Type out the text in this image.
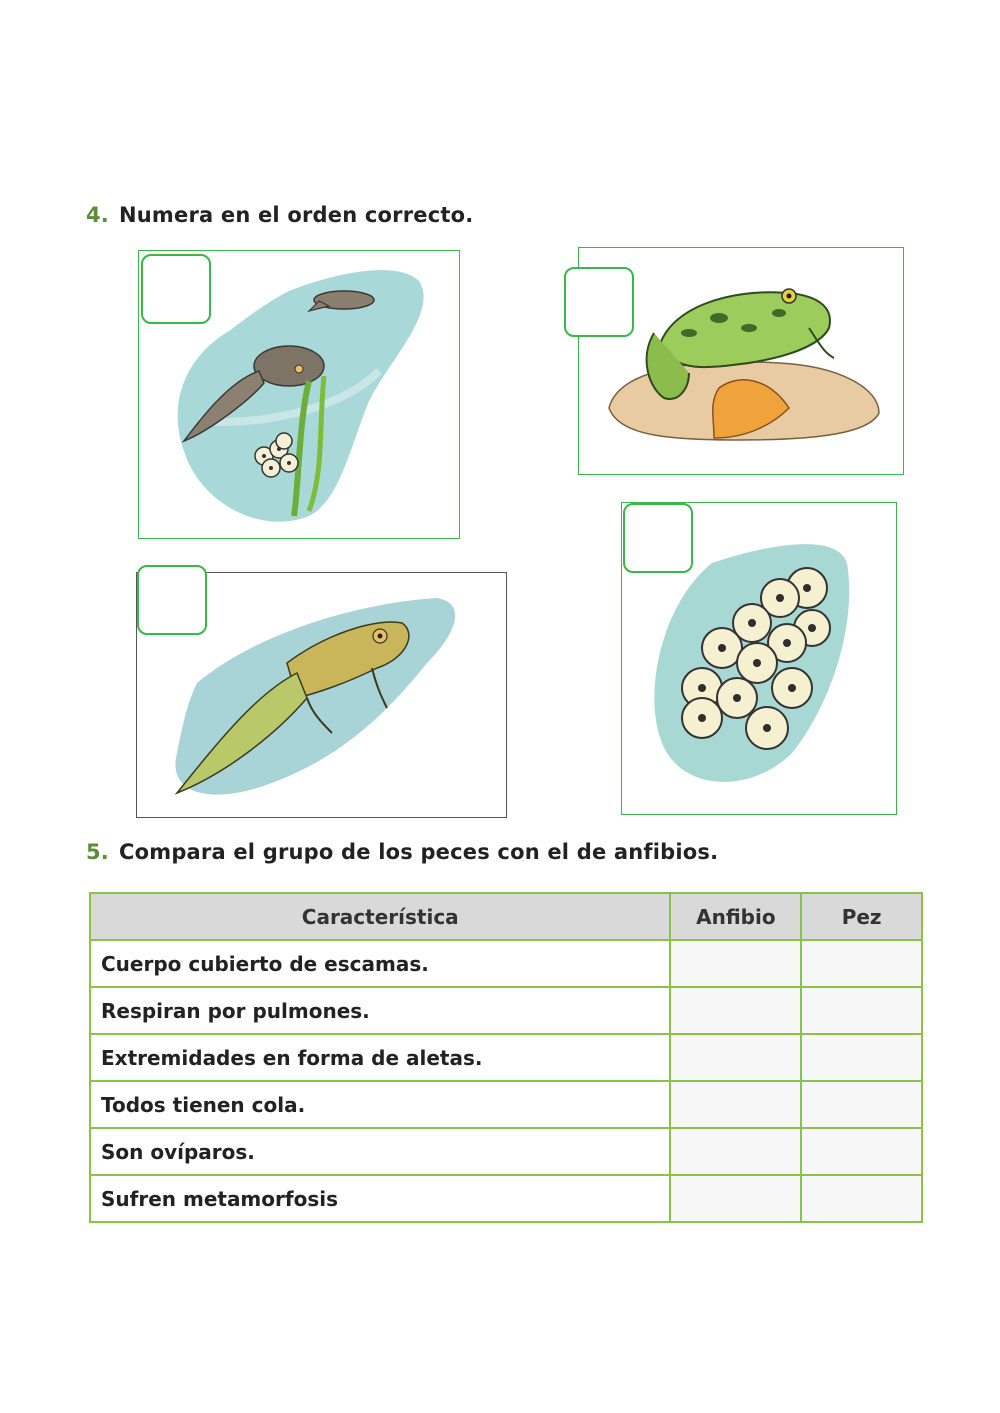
4. Numera en el orden correcto.
5. Compara el grupo de los peces con el de anfibios.
Característica	Anfibio	Pez
Cuerpo cubierto de escamas.		
Respiran por pulmones.		
Extremidades en forma de aletas.		
Todos tienen cola.		
Son ovíparos.		
Sufren metamorfosis		
